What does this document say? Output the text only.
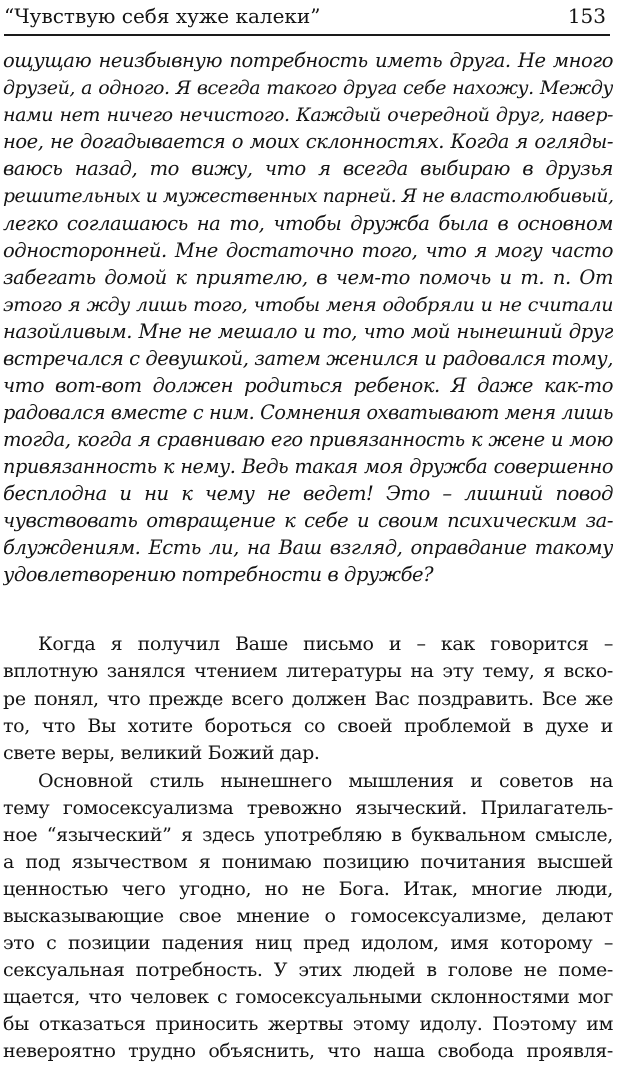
“Чувствую себя хуже калеки”	153
ощущаю неизбывную потребность иметь друга. Не много
друзей, а одного. Я всегда такого друга себе нахожу. Между
нами нет ничего нечистого. Каждый очередной друг, навер-
ное, не догадывается о моих склонностях. Когда я огляды-
ваюсь назад, то вижу, что я всегда выбираю в друзья
решительных и мужественных парней. Я не властолюбивый,
легко соглашаюсь на то, чтобы дружба была в основном
односторонней. Мне достаточно того, что я могу часто
забегать домой к приятелю, в чем-то помочь и т. п. От
этого я жду лишь того, чтобы меня одобряли и не считали
назойливым. Мне не мешало и то, что мой нынешний друг
встречался с девушкой, затем женился и радовался тому,
что вот-вот должен родиться ребенок. Я даже как-то
радовался вместе с ним. Сомнения охватывают меня лишь
тогда, когда я сравниваю его привязанность к жене и мою
привязанность к нему. Ведь такая моя дружба совершенно
бесплодна и ни к чему не ведет! Это – лишний повод
чувствовать отвращение к себе и своим психическим за-
блуждениям. Есть ли, на Ваш взгляд, оправдание такому
удовлетворению потребности в дружбе?
Когда я получил Ваше письмо и – как говорится –
вплотную занялся чтением литературы на эту тему, я вско-
ре понял, что прежде всего должен Вас поздравить. Все же
то, что Вы хотите бороться со своей проблемой в духе и
свете веры, великий Божий дар.
Основной стиль нынешнего мышления и советов на
тему гомосексуализма тревожно языческий. Прилагатель-
ное “языческий” я здесь употребляю в буквальном смысле,
а под язычеством я понимаю позицию почитания высшей
ценностью чего угодно, но не Бога. Итак, многие люди,
высказывающие свое мнение о гомосексуализме, делают
это с позиции падения ниц пред идолом, имя которому –
сексуальная потребность. У этих людей в голове не поме-
щается, что человек с гомосексуальными склонностями мог
бы отказаться приносить жертвы этому идолу. Поэтому им
невероятно трудно объяснить, что наша свобода проявля-
